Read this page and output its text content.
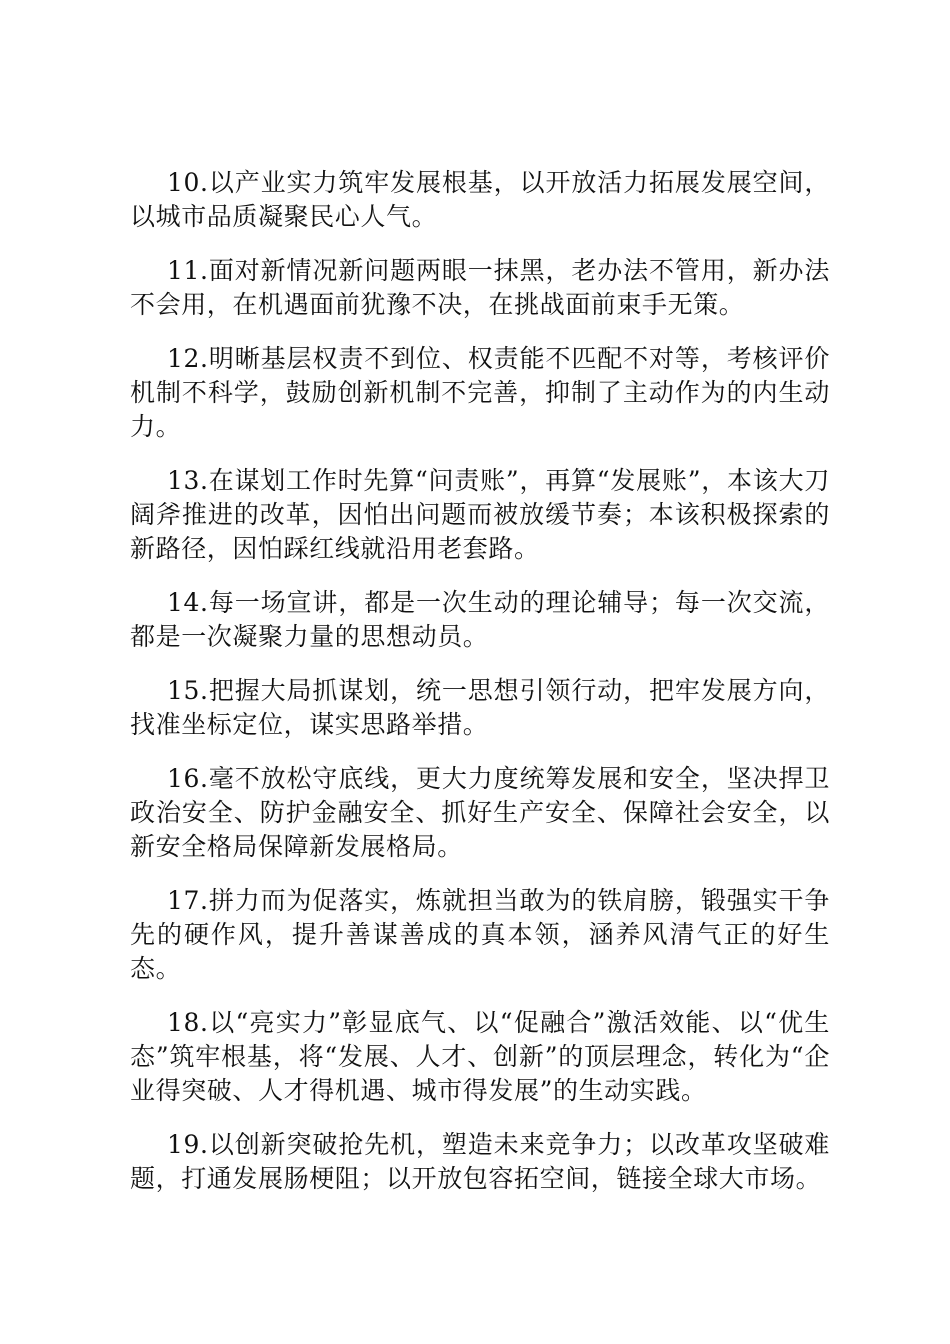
10.以产业实力筑牢发展根基，以开放活力拓展发展空间，以城市品质凝聚民心人气。

11.面对新情况新问题两眼一抹黑，老办法不管用，新办法不会用，在机遇面前犹豫不决，在挑战面前束手无策。

12.明晰基层权责不到位、权责能不匹配不对等，考核评价机制不科学，鼓励创新机制不完善，抑制了主动作为的内生动力。

13.在谋划工作时先算“问责账”，再算“发展账”，本该大刀阔斧推进的改革，因怕出问题而被放缓节奏；本该积极探索的新路径，因怕踩红线就沿用老套路。

14.每一场宣讲，都是一次生动的理论辅导；每一次交流，都是一次凝聚力量的思想动员。

15.把握大局抓谋划，统一思想引领行动，把牢发展方向，找准坐标定位，谋实思路举措。

16.毫不放松守底线，更大力度统筹发展和安全，坚决捍卫政治安全、防护金融安全、抓好生产安全、保障社会安全，以新安全格局保障新发展格局。

17.拼力而为促落实，炼就担当敢为的铁肩膀，锻强实干争先的硬作风，提升善谋善成的真本领，涵养风清气正的好生态。

18.以“亮实力”彰显底气、以“促融合”激活效能、以“优生态”筑牢根基，将“发展、人才、创新”的顶层理念，转化为“企业得突破、人才得机遇、城市得发展”的生动实践。

19.以创新突破抢先机，塑造未来竞争力；以改革攻坚破难题，打通发展肠梗阻；以开放包容拓空间，链接全球大市场。
